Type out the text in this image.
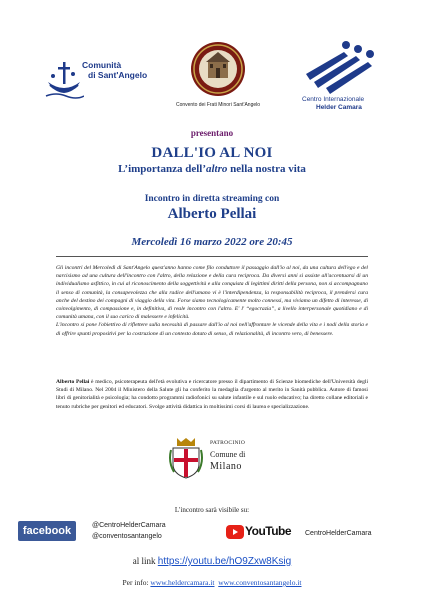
Comunità
di Sant'Angelo
Convento dei Frati Minori Sant'Angelo
Centro Internazionale
Helder Camara
presentano
DALL'IO AL NOI
L’importanza dell’altro nella nostra vita
Incontro in diretta streaming con
Alberto Pellai
Mercoledì 16 marzo 2022 ore 20:45

Gli incontri del Mercoledì di Sant'Angelo quest'anno hanno come filo conduttore il passaggio dall'io al noi, da una cultura dell'ego e del narcisismo ad una cultura dell'incontro con l'altro, della relazione e della cura reciproca. Da diversi anni si assiste all'accentuarsi di un individualismo asfittico, in cui al riconoscimento della soggettività e alla conquista di legittimi diritti della persona, non si accompagnano il senso di comunità, la consapevolezza che alla radice dell'umano vi è l'interdipendenza, la responsabilità reciproca, il prendersi cura anche del destino dei compagni di viaggio della vita. Forse siamo tecnologicamente molto connessi, ma viviamo un difetto di interesse, di coinvolgimento, di compassione e, in definitiva, di reale incontro con l'altro. E' l' “egocrazia”, a livello interpersonale quotidiano e di comunità umana, con il suo carico di malessere e infelicità.

L'incontro si pone l'obiettivo di riflettere sulla necessità di passare dall'io al noi nell'affrontare le vicende della vita e i nodi della storia e di offrire spunti propositivi per la costruzione di un contesto dotato di senso, di relazionalità, di incontro vero, di benessere.

Alberto Pellai è medico, psicoterapeuta dell'età evolutiva e ricercatore presso il dipartimento di Scienze biomediche dell'Università degli Studi di Milano. Nel 2004 il Ministero della Salute gli ha conferito la medaglia d'argento al merito in Sanità pubblica. Autore di famosi libri di genitorialità e psicologia; ha condotto programmi radiofonici su salute infantile e sul ruolo educativo; ha diretto collane editoriali e tenuto rubriche per genitori ed educatori. Svolge attività didattica in moltissimi corsi di laurea e specializzazione.
PATROCINIO
Comune di
Milano
L'incontro sarà visibile su:
facebook	@CentroHelderCamara
@conventosantangelo	YouTube CentroHelderCamara
al link https://youtu.be/hO9Zxw8Ksig
Per info: www.heldercamara.it www.conventosantangelo.it
